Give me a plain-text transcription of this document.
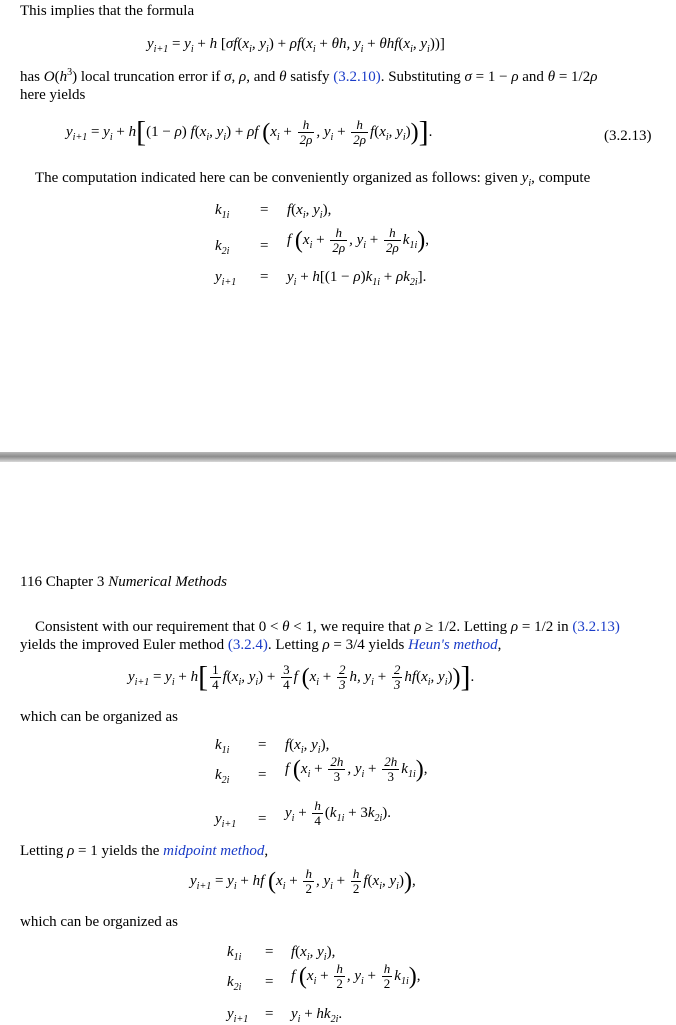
This implies that the formula
$y_{i+1} = y_i + h$ [$\sigma f(x_i$, $y_i) + \rho f(x_i + \theta h$, $y_i + \theta hf(x_i$, $y_i$))]
has $O(h^3)$ local truncation error if σ, ρ, and θ satisfy (3.2.10). Substituting σ = 1 − ρ and θ = 1/2ρ
here yields
$y_{i+1} = y_i + h[(1 - \rho)$ $f(x_i$, $y_i) + \rho f$ ($x_i + \frac{h}{2\rho}$ , $y_i + \frac{h}{2\rho} f(x_i$, $y_i$))].	(3.2.13)
The computation indicated here can be conveniently organized as follows: given $y_i$, compute
$k_{1i} = f(x_i$, $y_i$),
$k_{2i} = f$ ($x_i + \frac{h}{2\rho}$ , $y_i + \frac{h}{2\rho} k_{1i}$),
$y_{i+1} = y_i + h[(1 - \rho)k_{1i} + \rho k_{2i}]$.
116 Chapter 3 Numerical Methods
Consistent with our requirement that 0 < θ < 1, we require that ρ ≥ 1/2. Letting ρ = 1/2 in (3.2.13)
yields the improved Euler method (3.2.4). Letting ρ = 3/4 yields Heun's method,
$y_{i+1} = y_i + h[ \frac{1}{4} f(x_i$, $y_i) + \frac{3}{4}$ f ($x_i + \frac{2}{3} h$, $y_i + \frac{2}{3} hf(x_i$, $y_i$))].
which can be organized as
$k_{1i} = f(x_i$, $y_i$),
$k_{2i} = f$ ($x_i + \frac{2h}{3}$ , $y_i + \frac{2h}{3} k_{1i}$),
$y_{i+1} = y_i + \frac{h}{4} (k_{1i} + 3k_{2i})$.
Letting ρ = 1 yields the midpoint method,
$y_{i+1} = y_i$ + hf ($x_i + \frac{h}{2}$ , $y_i + \frac{h}{2} f(x_i$, $y_i$)),
which can be organized as
$k_{1i} = f(x_i$, $y_i$),
$k_{2i} = f$ ($x_i + \frac{h}{2}$ , $y_i + \frac{h}{2} k_{1i}$),
$y_{i+1} = y_i + hk_{2i}$.
